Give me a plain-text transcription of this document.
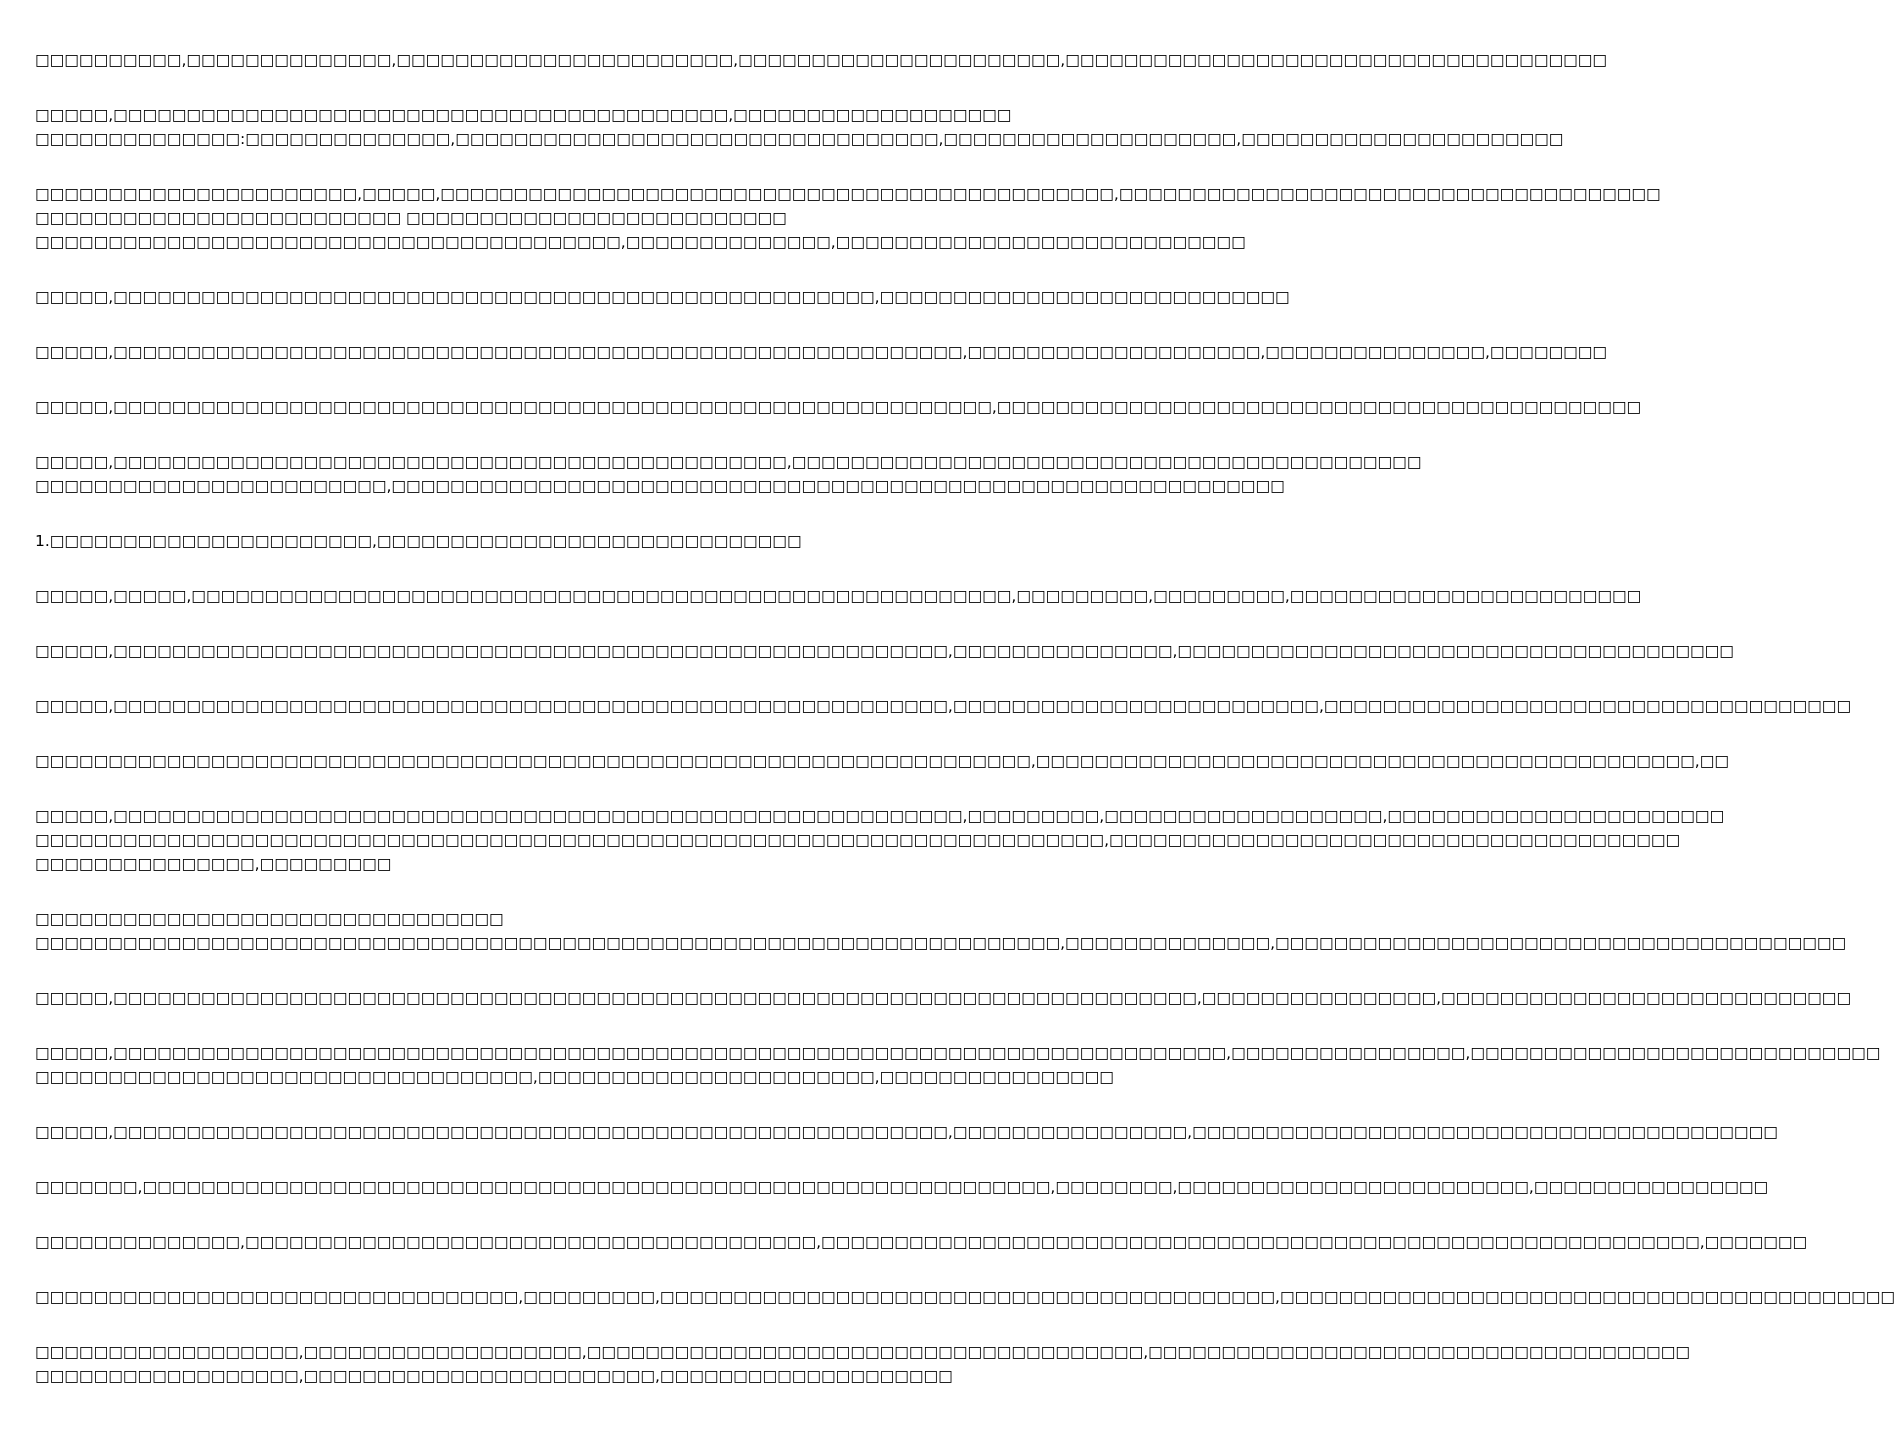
□□□□□□□□□□,□□□□□□□□□□□□□□,□□□□□□□□□□□□□□□□□□□□□□□,□□□□□□□□□□□□□□□□□□□□□□,□□□□□□□□□□□□□□□□□□□□□□□□□□□□□□□□□□□□□
□□□□□,□□□□□□□□□□□□□□□□□□□□□□□□□□□□□□□□□□□□□□□□□□,□□□□□□□□□□□□□□□□□□□
□□□□□□□□□□□□□□:□□□□□□□□□□□□□□,□□□□□□□□□□□□□□□□□□□□□□□□□□□□□□□□□,□□□□□□□□□□□□□□□□□□□□,□□□□□□□□□□□□□□□□□□□□□□
□□□□□□□□□□□□□□□□□□□□□□,□□□□□,□□□□□□□□□□□□□□□□□□□□□□□□□□□□□□□□□□□□□□□□□□□□□□,□□□□□□□□□□□□□□□□□□□□□□□□□□□□□□□□□□□□□
□□□□□□□□□□□□□□□□□□□□□□□□□ □□□□□□□□□□□□□□□□□□□□□□□□□□
□□□□□□□□□□□□□□□□□□□□□□□□□□□□□□□□□□□□□□□□,□□□□□□□□□□□□□□,□□□□□□□□□□□□□□□□□□□□□□□□□□□□
□□□□□,□□□□□□□□□□□□□□□□□□□□□□□□□□□□□□□□□□□□□□□□□□□□□□□□□□□□,□□□□□□□□□□□□□□□□□□□□□□□□□□□□
□□□□□,□□□□□□□□□□□□□□□□□□□□□□□□□□□□□□□□□□□□□□□□□□□□□□□□□□□□□□□□□□,□□□□□□□□□□□□□□□□□□□□,□□□□□□□□□□□□□□□,□□□□□□□□
□□□□□,□□□□□□□□□□□□□□□□□□□□□□□□□□□□□□□□□□□□□□□□□□□□□□□□□□□□□□□□□□□□,□□□□□□□□□□□□□□□□□□□□□□□□□□□□□□□□□□□□□□□□□□□□
□□□□□,□□□□□□□□□□□□□□□□□□□□□□□□□□□□□□□□□□□□□□□□□□□□□□,□□□□□□□□□□□□□□□□□□□□□□□□□□□□□□□□□□□□□□□□□□□
□□□□□□□□□□□□□□□□□□□□□□□□,□□□□□□□□□□□□□□□□□□□□□□□□□□□□□□□□□□□□□□□□□□□□□□□□□□□□□□□□□□□□□
1.□□□□□□□□□□□□□□□□□□□□□□,□□□□□□□□□□□□□□□□□□□□□□□□□□□□□
□□□□□,□□□□□,□□□□□□□□□□□□□□□□□□□□□□□□□□□□□□□□□□□□□□□□□□□□□□□□□□□□□□□□,□□□□□□□□□,□□□□□□□□□,□□□□□□□□□□□□□□□□□□□□□□□□
□□□□□,□□□□□□□□□□□□□□□□□□□□□□□□□□□□□□□□□□□□□□□□□□□□□□□□□□□□□□□□□,□□□□□□□□□□□□□□□,□□□□□□□□□□□□□□□□□□□□□□□□□□□□□□□□□□□□□□
□□□□□,□□□□□□□□□□□□□□□□□□□□□□□□□□□□□□□□□□□□□□□□□□□□□□□□□□□□□□□□□,□□□□□□□□□□□□□□□□□□□□□□□□□,□□□□□□□□□□□□□□□□□□□□□□□□□□□□□□□□□□□□
□□□□□□□□□□□□□□□□□□□□□□□□□□□□□□□□□□□□□□□□□□□□□□□□□□□□□□□□□□□□□□□□□□□□,□□□□□□□□□□□□□□□□□□□□□□□□□□□□□□□□□□□□□□□□□□□□□,□□
□□□□□,□□□□□□□□□□□□□□□□□□□□□□□□□□□□□□□□□□□□□□□□□□□□□□□□□□□□□□□□□□,□□□□□□□□□,□□□□□□□□□□□□□□□□□□□,□□□□□□□□□□□□□□□□□□□□□□□
□□□□□□□□□□□□□□□□□□□□□□□□□□□□□□□□□□□□□□□□□□□□□□□□□□□□□□□□□□□□□□□□□□□□□□□□□,□□□□□□□□□□□□□□□□□□□□□□□□□□□□□□□□□□□□□□□
□□□□□□□□□□□□□□□,□□□□□□□□□
□□□□□□□□□□□□□□□□□□□□□□□□□□□□□□□□
□□□□□□□□□□□□□□□□□□□□□□□□□□□□□□□□□□□□□□□□□□□□□□□□□□□□□□□□□□□□□□□□□□□□□□,□□□□□□□□□□□□□□,□□□□□□□□□□□□□□□□□□□□□□□□□□□□□□□□□□□□□□□
□□□□□,□□□□□□□□□□□□□□□□□□□□□□□□□□□□□□□□□□□□□□□□□□□□□□□□□□□□□□□□□□□□□□□□□□□□□□□□□□,□□□□□□□□□□□□□□□□,□□□□□□□□□□□□□□□□□□□□□□□□□□□□
□□□□□,□□□□□□□□□□□□□□□□□□□□□□□□□□□□□□□□□□□□□□□□□□□□□□□□□□□□□□□□□□□□□□□□□□□□□□□□□□□□,□□□□□□□□□□□□□□□□,□□□□□□□□□□□□□□□□□□□□□□□□□□□□
□□□□□□□□□□□□□□□□□□□□□□□□□□□□□□□□□□,□□□□□□□□□□□□□□□□□□□□□□□,□□□□□□□□□□□□□□□□
□□□□□,□□□□□□□□□□□□□□□□□□□□□□□□□□□□□□□□□□□□□□□□□□□□□□□□□□□□□□□□□,□□□□□□□□□□□□□□□□,□□□□□□□□□□□□□□□□□□□□□□□□□□□□□□□□□□□□□□□□
□□□□□□□,□□□□□□□□□□□□□□□□□□□□□□□□□□□□□□□□□□□□□□□□□□□□□□□□□□□□□□□□□□□□□□,□□□□□□□□,□□□□□□□□□□□□□□□□□□□□□□□□,□□□□□□□□□□□□□□□□
□□□□□□□□□□□□□□,□□□□□□□□□□□□□□□□□□□□□□□□□□□□□□□□□□□□□□□,□□□□□□□□□□□□□□□□□□□□□□□□□□□□□□□□□□□□□□□□□□□□□□□□□□□□□□□□□□□□,□□□□□□□
□□□□□□□□□□□□□□□□□□□□□□□□□□□□□□□□□,□□□□□□□□□,□□□□□□□□□□□□□□□□□□□□□□□□□□□□□□□□□□□□□□□□□□,□□□□□□□□□□□□□□□□□□□□□□□□□□□□□□□□□□□□□□□□□□
□□□□□□□□□□□□□□□□□□,□□□□□□□□□□□□□□□□□□□,□□□□□□□□□□□□□□□□□□□□□□□□□□□□□□□□□□□□□□,□□□□□□□□□□□□□□□□□□□□□□□□□□□□□□□□□□□□□
□□□□□□□□□□□□□□□□□□,□□□□□□□□□□□□□□□□□□□□□□□□,□□□□□□□□□□□□□□□□□□□□
